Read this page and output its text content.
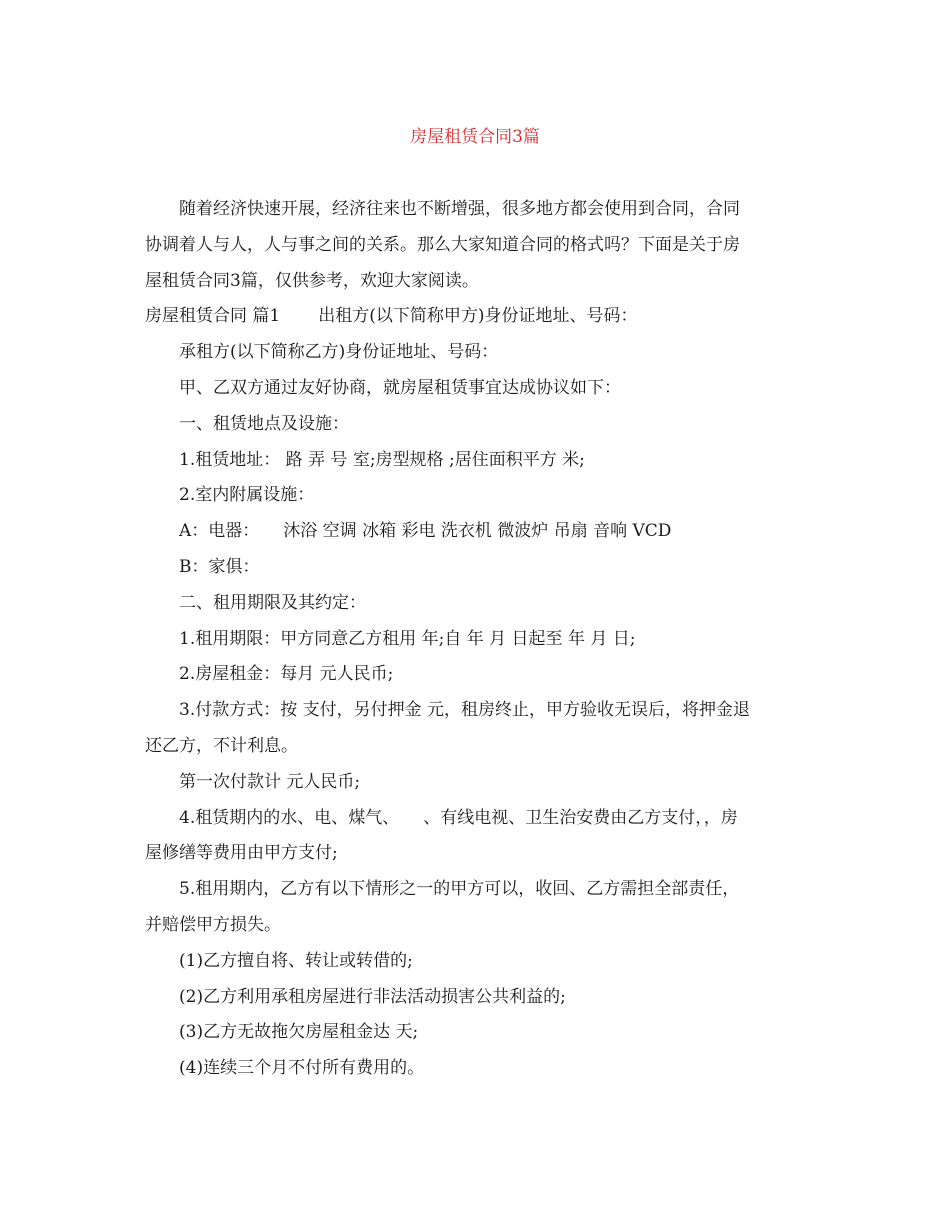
房屋租赁合同3篇

随着经济快速开展，经济往来也不断增强，很多地方都会使用到合同，合同

协调着人与人，人与事之间的关系。那么大家知道合同的格式吗？下面是关于房

屋租赁合同3篇，仅供参考，欢迎大家阅读。

房屋租赁合同 篇1 出租方(以下简称甲方)身份证地址、号码：

承租方(以下简称乙方)身份证地址、号码：

甲、乙双方通过友好协商，就房屋租赁事宜达成协议如下：

一、租赁地点及设施：

1.租赁地址： 路 弄 号 室;房型规格 ;居住面积平方 米;

2.室内附属设施：

A：电器： 沐浴 空调 冰箱 彩电 洗衣机 微波炉 吊扇 音响 VCD

B：家俱：

二、租用期限及其约定：

1.租用期限：甲方同意乙方租用 年;自 年 月 日起至 年 月 日;

2.房屋租金：每月 元人民币;

3.付款方式：按 支付，另付押金 元，租房终止，甲方验收无误后，将押金退

还乙方，不计利息。

第一次付款计 元人民币;

4.租赁期内的水、电、煤气、 、有线电视、卫生治安费由乙方支付，，房

屋修缮等费用由甲方支付;

5.租用期内，乙方有以下情形之一的甲方可以，收回、乙方需担全部责任，

并赔偿甲方损失。

(1)乙方擅自将、转让或转借的;

(2)乙方利用承租房屋进行非法活动损害公共利益的;

(3)乙方无故拖欠房屋租金达 天;

(4)连续三个月不付所有费用的。
